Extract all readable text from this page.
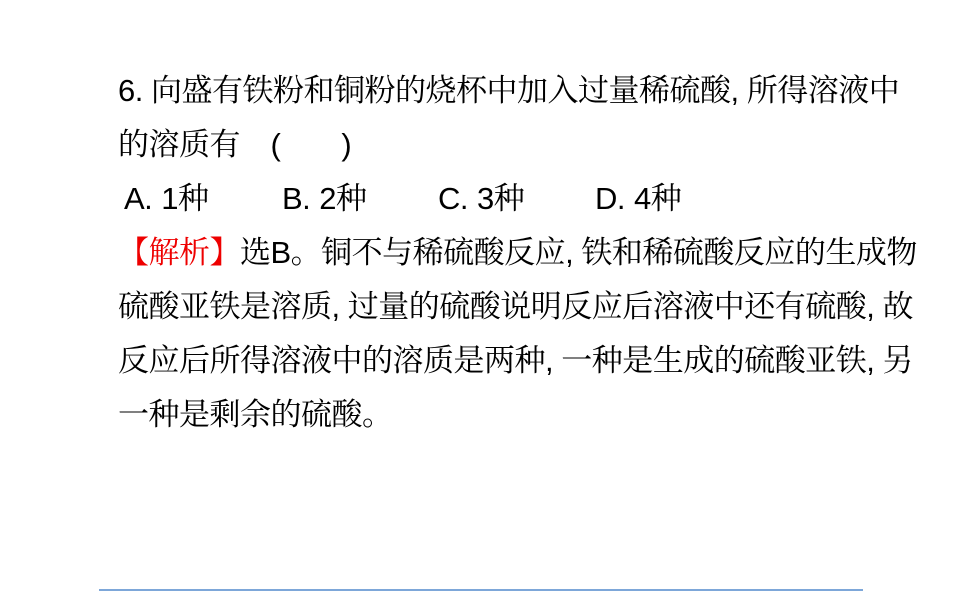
6. 向盛有铁粉和铜粉的烧杯中加入过量稀硫酸, 所得溶液中

的溶质有　(　　)

A. 1种 B. 2种 C. 3种 D. 4种

【解析】选B。铜不与稀硫酸反应, 铁和稀硫酸反应的生成物

硫酸亚铁是溶质, 过量的硫酸说明反应后溶液中还有硫酸, 故

反应后所得溶液中的溶质是两种, 一种是生成的硫酸亚铁, 另

一种是剩余的硫酸。
